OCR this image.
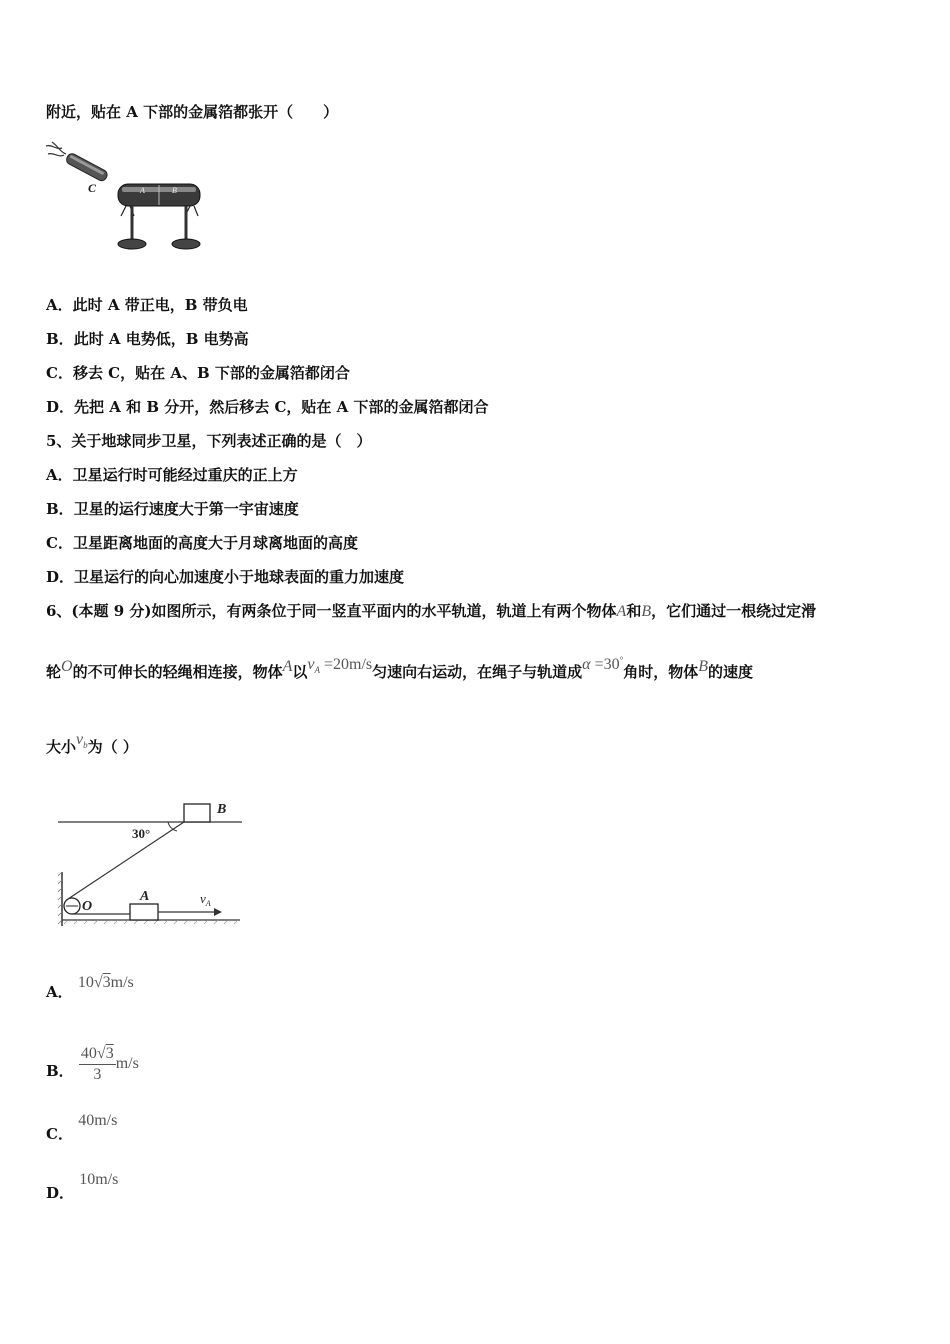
附近，贴在 A 下部的金属箔都张开（　　）
C	A	B
A．此时 A 带正电，B 带负电
B．此时 A 电势低，B 电势高
C．移去 C，贴在 A、B 下部的金属箔都闭合
D．先把 A 和 B 分开，然后移去 C，贴在 A 下部的金属箔都闭合
5、关于地球同步卫星，下列表述正确的是（　）
A．卫星运行时可能经过重庆的正上方
B．卫星的运行速度大于第一宇宙速度
C．卫星距离地面的高度大于月球离地面的高度
D．卫星运行的向心加速度小于地球表面的重力加速度
6、(本题 9 分)如图所示，有两条位于同一竖直平面内的水平轨道，轨道上有两个物体A和B，它们通过一根绕过定滑
轮O的不可伸长的轻绳相连接，物体A以$v_A =20m/s$匀速向右运动，在绳子与轨道成α =30°角时，物体B的速度
大小$v_b$为（ ）
B
30°
O
A	$v_A$
A． 10√3m/s
B． $\frac{40√3}{3} m/s$
C． 40m/s
D． 10m/s
